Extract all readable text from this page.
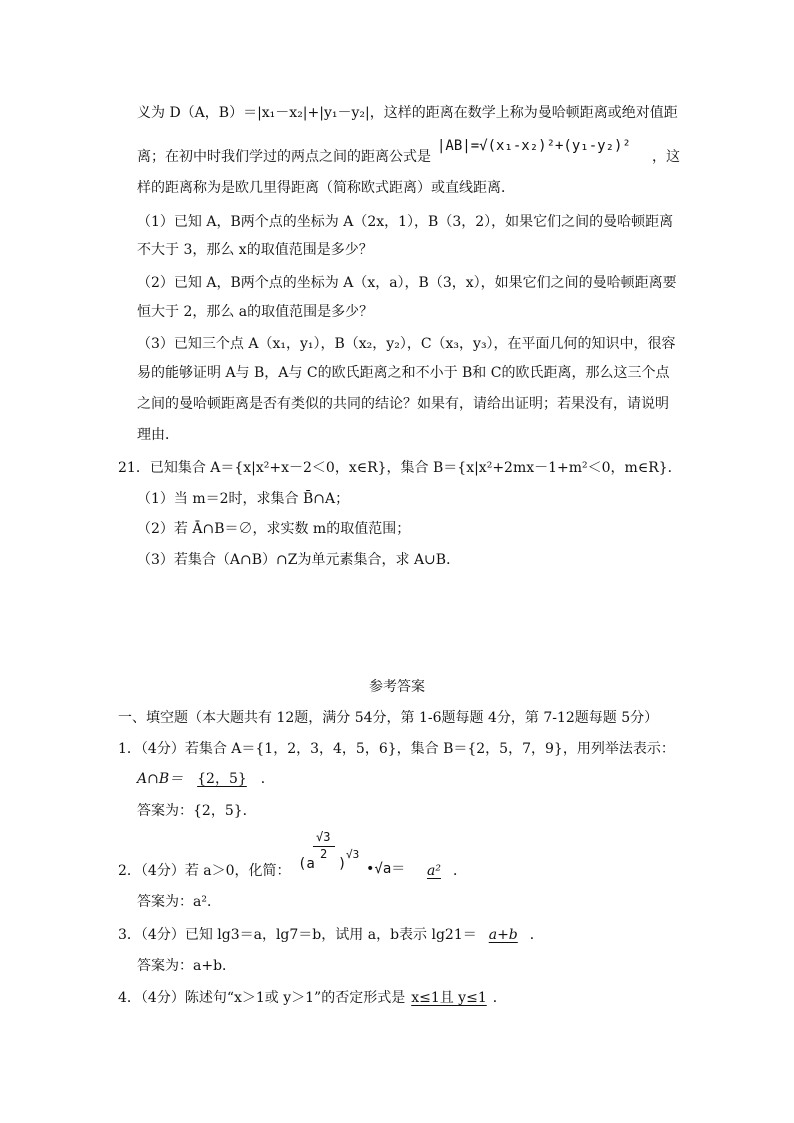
义为 D（A，B）＝|x₁－x₂|+|y₁－y₂|，这样的距离在数学上称为曼哈顿距离或绝对值距
离；在初中时我们学过的两点之间的距离公式是
|AB|=√(x₁-x₂)²+(y₁-y₂)²
，这
样的距离称为是欧几里得距离（简称欧式距离）或直线距离．
（1）已知 A，B两个点的坐标为 A（2x，1），B（3，2），如果它们之间的曼哈顿距离
不大于 3，那么 x的取值范围是多少？
（2）已知 A，B两个点的坐标为 A（x，a），B（3，x），如果它们之间的曼哈顿距离要
恒大于 2，那么 a的取值范围是多少？
（3）已知三个点 A（x₁，y₁），B（x₂，y₂），C（x₃，y₃），在平面几何的知识中，很容
易的能够证明 A与 B，A与 C的欧氏距离之和不小于 B和 C的欧氏距离，那么这三个点
之间的曼哈顿距离是否有类似的共同的结论？如果有，请给出证明；若果没有，请说明
理由．
21．已知集合 A＝{x|x²+x－2＜0，x∈R}，集合 B＝{x|x²+2mx－1+m²＜0，m∈R}．
（1）当 m＝2时，求集合 B̄∩A；
（2）若 Ā∩B＝∅，求实数 m的取值范围；
（3）若集合（A∩B）∩Z为单元素集合，求 A∪B．
参考答案
一、填空题（本大题共有 12题，满分 54分，第 1-6题每题 4分，第 7-12题每题 5分）
1．（4分）若集合 A＝{1，2，3，4，5，6}，集合 B＝{2，5，7，9}，用列举法表示：
A∩B＝ {2，5} ．
答案为：{2，5}．
2．（4分）若 a＞0，化简：
√3
2
(a )
√3
•√a＝	a² ．
答案为：a²．
3．（4分）已知 lg3＝a，lg7＝b，试用 a，b表示 lg21＝ a+b ．
答案为：a+b．
4．（4分）陈述句“x＞1或 y＞1”的否定形式是 x≤1且 y≤1 ．
